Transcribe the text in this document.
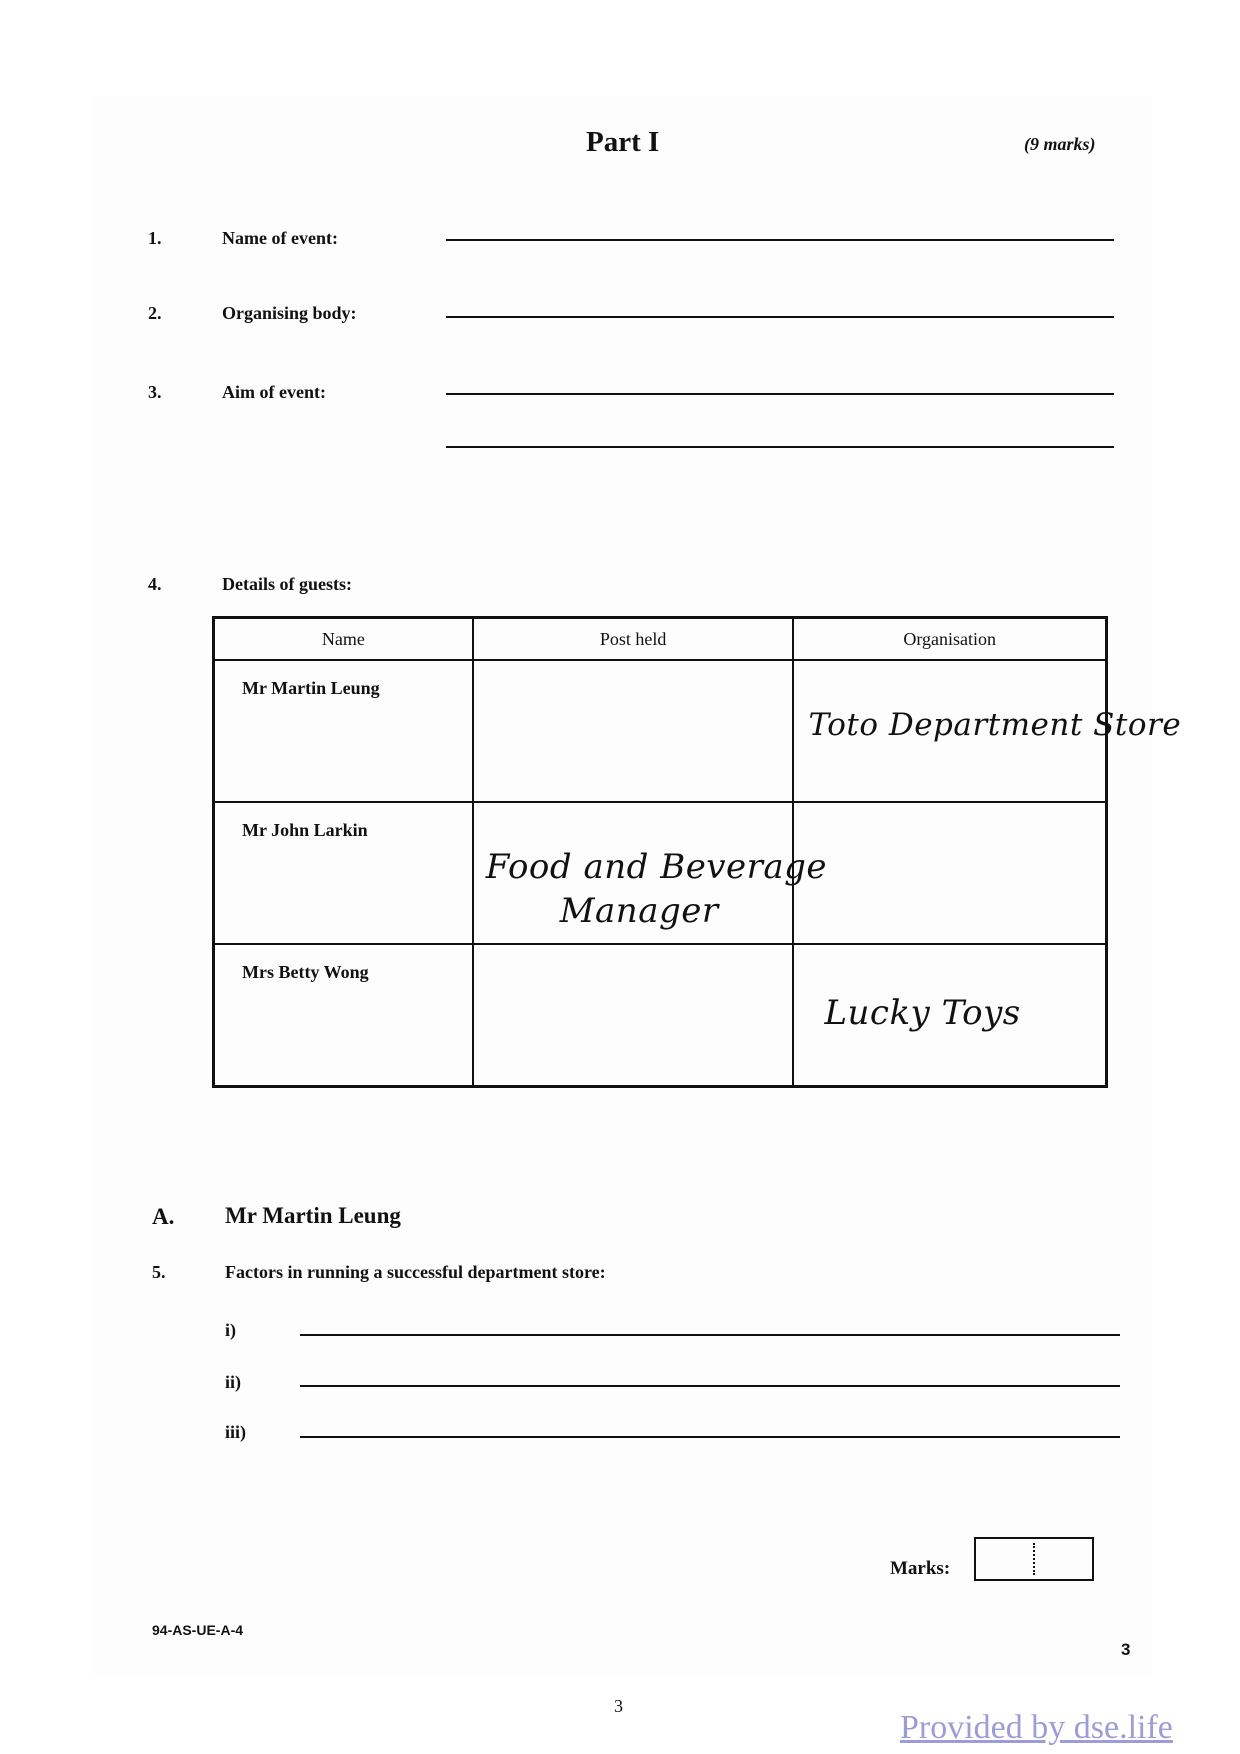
Part I	(9 marks)
1.	Name of event:
2.	Organising body:
3.	Aim of event:
4.	Details of guests:
Name	Post held	Organisation

Mr Martin Leung		Toto Department Store

Mr John Larkin	Food and Beverage
Manager	

Mrs Betty Wong		Lucky Toys
A. Mr Martin Leung
5.	Factors in running a successful department store:
i)
ii)
iii)
Marks:
94-AS-UE-A-4
3
3
Provided by dse.life
